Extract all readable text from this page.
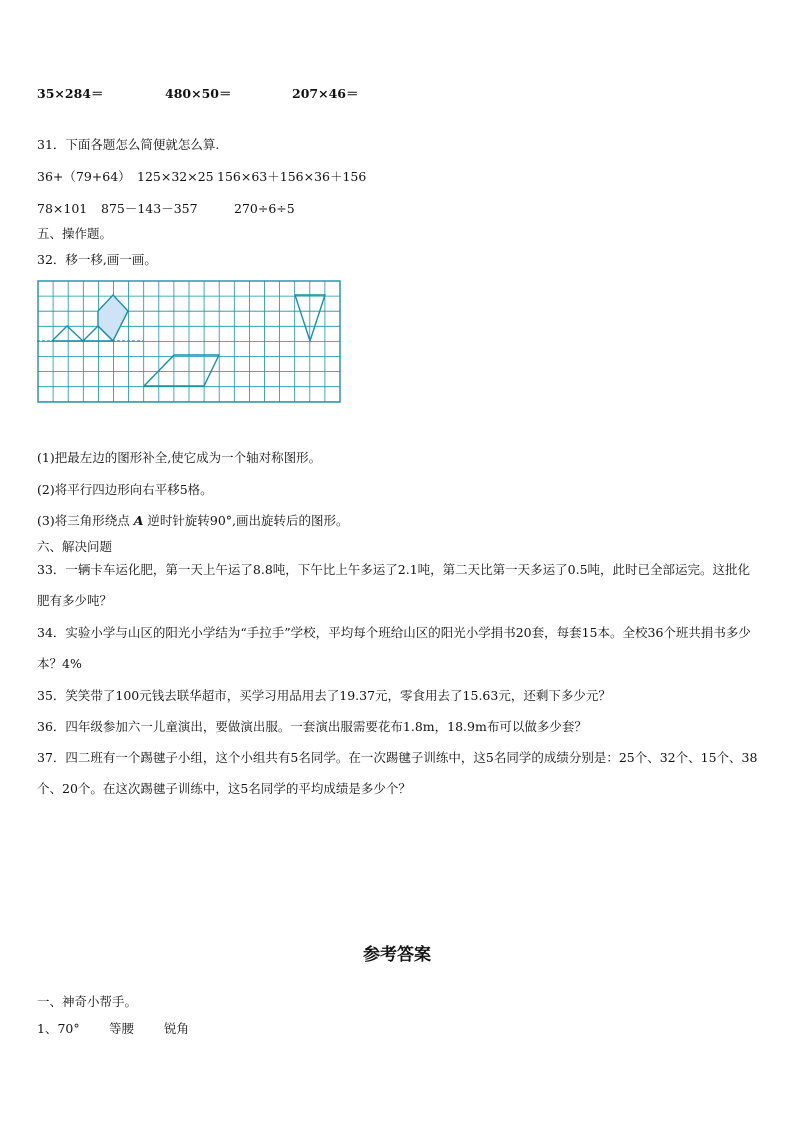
35×284＝	480×50＝	207×46＝
31．下面各题怎么简便就怎么算.
36+（79+64） 125×32×25 156×63＋156×36＋156
78×101 875－143－357	270÷6÷5
五、操作题。
32．移一移,画一画。
(1)把最左边的图形补全,使它成为一个轴对称图形。
(2)将平行四边形向右平移5格。
(3)将三角形绕点 A 逆时针旋转90°,画出旋转后的图形。
六、解决问题
33．一辆卡车运化肥，第一天上午运了8.8吨，下午比上午多运了2.1吨，第二天比第一天多运了0.5吨，此时已全部运完。这批化肥有多少吨？
34．实验小学与山区的阳光小学结为“手拉手”学校，平均每个班给山区的阳光小学捐书20套，每套15本。全校36个班共捐书多少本？4%
35．笑笑带了100元钱去联华超市，买学习用品用去了19.37元，零食用去了15.63元，还剩下多少元？
36．四年级参加六一儿童演出，要做演出服。一套演出服需要花布1.8m，18.9m布可以做多少套？
37．四二班有一个踢毽子小组，这个小组共有5名同学。在一次踢毽子训练中，这5名同学的成绩分别是：25个、32个、15个、38个、20个。在这次踢毽子训练中，这5名同学的平均成绩是多少个？
参考答案
一、神奇小帮手。
1、70° 等腰 锐角
